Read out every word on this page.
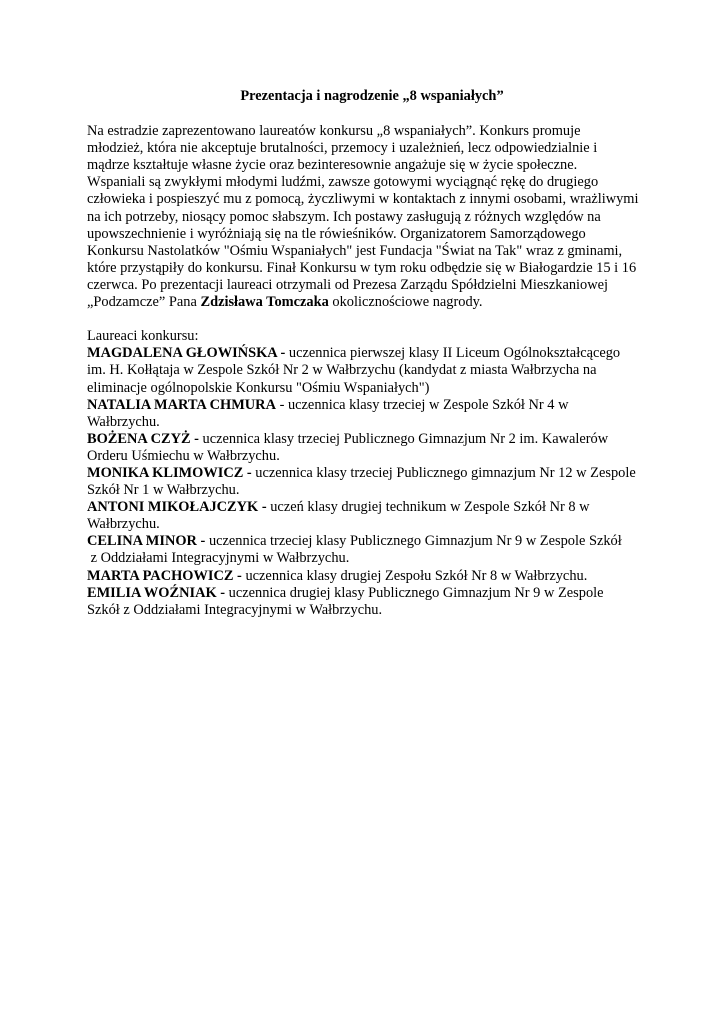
Prezentacja i nagrodzenie „8 wspaniałych”
Na estradzie zaprezentowano laureatów konkursu „8 wspaniałych”. Konkurs promuje
młodzież, która nie akceptuje brutalności, przemocy i uzależnień, lecz odpowiedzialnie i
mądrze kształtuje własne życie oraz bezinteresownie angażuje się w życie społeczne.
Wspaniali są zwykłymi młodymi ludźmi, zawsze gotowymi wyciągnąć rękę do drugiego
człowieka i pospieszyć mu z pomocą, życzliwymi w kontaktach z innymi osobami, wrażliwymi
na ich potrzeby, niosący pomoc słabszym. Ich postawy zasługują z różnych względów na
upowszechnienie i wyróżniają się na tle rówieśników. Organizatorem Samorządowego
Konkursu Nastolatków "Ośmiu Wspaniałych" jest Fundacja "Świat na Tak" wraz z gminami,
które przystąpiły do konkursu. Finał Konkursu w tym roku odbędzie się w Białogardzie 15 i 16
czerwca. Po prezentacji laureaci otrzymali od Prezesa Zarządu Spółdzielni Mieszkaniowej
„Podzamcze” Pana Zdzisława Tomczaka okolicznościowe nagrody.
Laureaci konkursu:
MAGDALENA GŁOWIŃSKA - uczennica pierwszej klasy II Liceum Ogólnokształcącego
im. H. Kołłątaja w Zespole Szkół Nr 2 w Wałbrzychu (kandydat z miasta Wałbrzycha na
eliminacje ogólnopolskie Konkursu "Ośmiu Wspaniałych")
NATALIA MARTA CHMURA - uczennica klasy trzeciej w Zespole Szkół Nr 4 w
Wałbrzychu.
BOŻENA CZYŻ - uczennica klasy trzeciej Publicznego Gimnazjum Nr 2 im. Kawalerów
Orderu Uśmiechu w Wałbrzychu.
MONIKA KLIMOWICZ - uczennica klasy trzeciej Publicznego gimnazjum Nr 12 w Zespole
Szkół Nr 1 w Wałbrzychu.
ANTONI MIKOŁAJCZYK - uczeń klasy drugiej technikum w Zespole Szkół Nr 8 w
Wałbrzychu.
CELINA MINOR - uczennica trzeciej klasy Publicznego Gimnazjum Nr 9 w Zespole Szkół
z Oddziałami Integracyjnymi w Wałbrzychu.
MARTA PACHOWICZ - uczennica klasy drugiej Zespołu Szkół Nr 8 w Wałbrzychu.
EMILIA WOŹNIAK - uczennica drugiej klasy Publicznego Gimnazjum Nr 9 w Zespole
Szkół z Oddziałami Integracyjnymi w Wałbrzychu.
